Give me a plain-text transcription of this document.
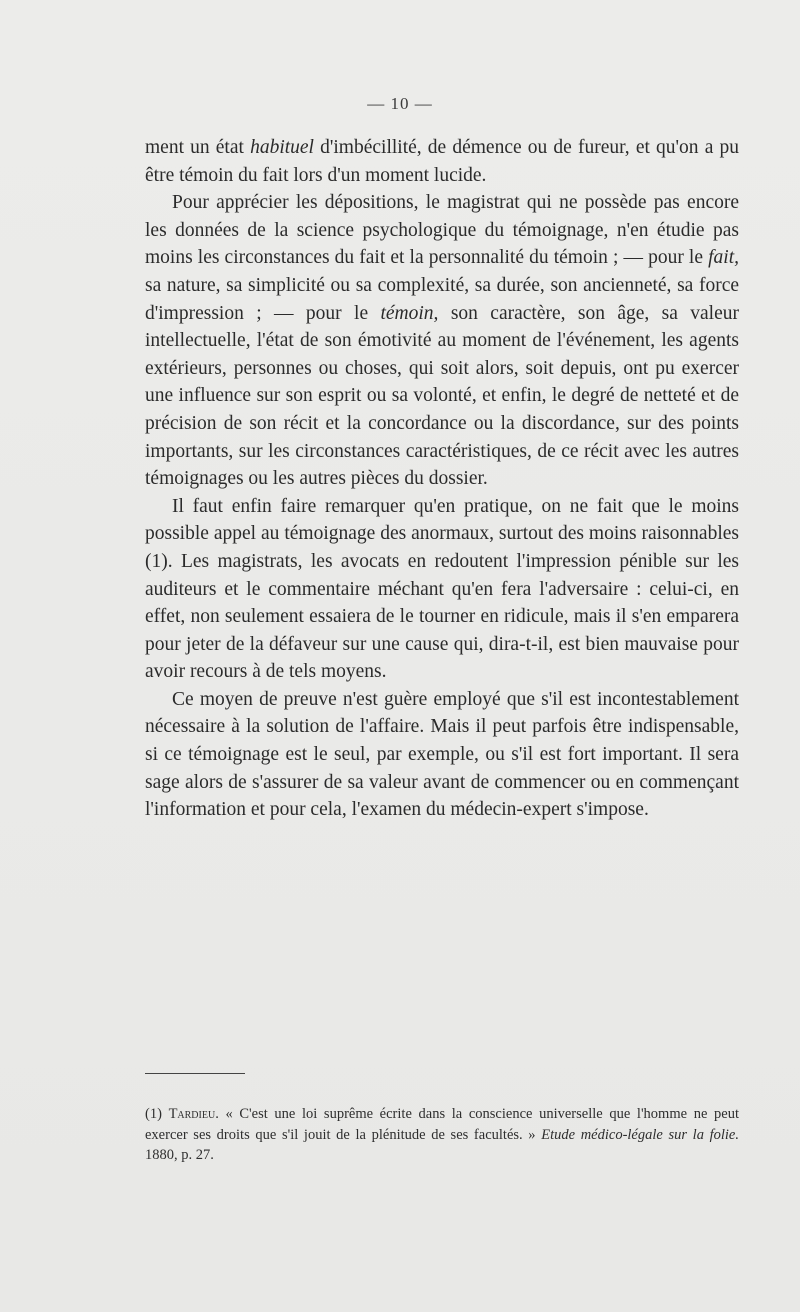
— 10 —

ment un état habituel d'imbécillité, de démence ou de fureur, et qu'on a pu être témoin du fait lors d'un moment lucide.

Pour apprécier les dépositions, le magistrat qui ne possède pas encore les données de la science psychologique du témoignage, n'en étudie pas moins les circonstances du fait et la personnalité du témoin ; — pour le fait, sa nature, sa simplicité ou sa complexité, sa durée, son ancienneté, sa force d'impression ; — pour le témoin, son caractère, son âge, sa valeur intellectuelle, l'état de son émotivité au moment de l'événement, les agents extérieurs, personnes ou choses, qui soit alors, soit depuis, ont pu exercer une influence sur son esprit ou sa volonté, et enfin, le degré de netteté et de précision de son récit et la concordance ou la discordance, sur des points importants, sur les circonstances caractéristiques, de ce récit avec les autres témoignages ou les autres pièces du dossier.

Il faut enfin faire remarquer qu'en pratique, on ne fait que le moins possible appel au témoignage des anormaux, surtout des moins raisonnables (1). Les magistrats, les avocats en redoutent l'impression pénible sur les auditeurs et le commentaire méchant qu'en fera l'adversaire : celui-ci, en effet, non seulement essaiera de le tourner en ridicule, mais il s'en emparera pour jeter de la défaveur sur une cause qui, dira-t-il, est bien mauvaise pour avoir recours à de tels moyens.

Ce moyen de preuve n'est guère employé que s'il est incontestablement nécessaire à la solution de l'affaire. Mais il peut parfois être indispensable, si ce témoignage est le seul, par exemple, ou s'il est fort important. Il sera sage alors de s'assurer de sa valeur avant de commencer ou en commençant l'information et pour cela, l'examen du médecin-expert s'impose.

(1) Tardieu. « C'est une loi suprême écrite dans la conscience universelle que l'homme ne peut exercer ses droits que s'il jouit de la plénitude de ses facultés. » Etude médico-légale sur la folie. 1880, p. 27.
